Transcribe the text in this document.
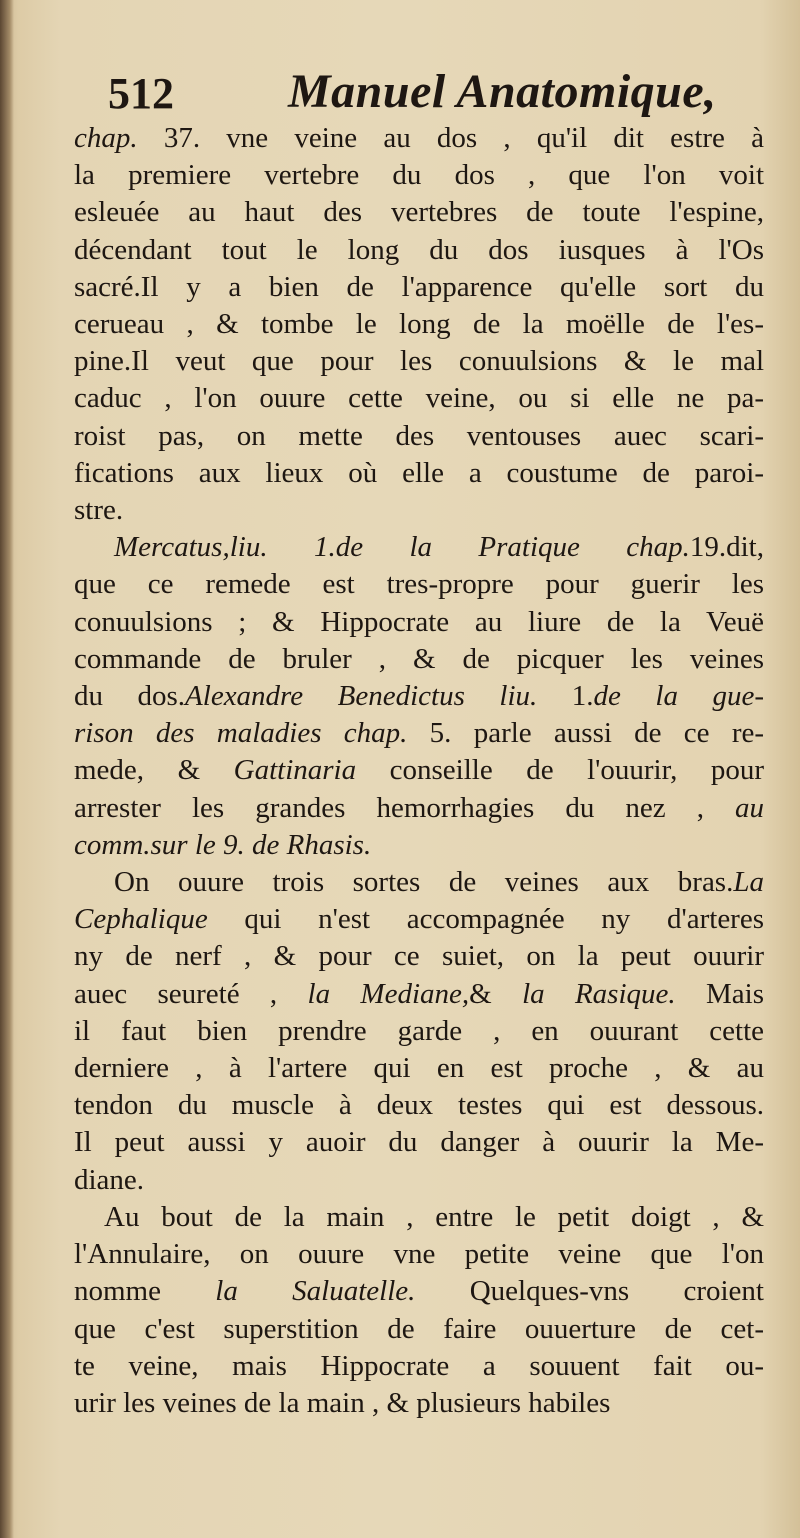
512 Manuel Anatomique,
chap. 37. vne veine au dos , qu'il dit estre à
la premiere vertebre du dos , que l'on voit
esleuée au haut des vertebres de toute l'espine,
décendant tout le long du dos iusques à l'Os
sacré.Il y a bien de l'apparence qu'elle sort du
cerueau , & tombe le long de la moëlle de l'es-
pine.Il veut que pour les conuulsions & le mal
caduc , l'on ouure cette veine, ou si elle ne pa-
roist pas, on mette des ventouses auec scari-
fications aux lieux où elle a coustume de paroi-
stre.
Mercatus,liu. 1.de la Pratique chap.19.dit,
que ce remede est tres-propre pour guerir les
conuulsions ; & Hippocrate au liure de la Veuë
commande de bruler , & de picquer les veines
du dos.Alexandre Benedictus liu. 1.de la gue-
rison des maladies chap. 5. parle aussi de ce re-
mede, & Gattinaria conseille de l'ouurir, pour
arrester les grandes hemorrhagies du nez , au
comm.sur le 9. de Rhasis.
On ouure trois sortes de veines aux bras.La
Cephalique qui n'est accompagnée ny d'arteres
ny de nerf , & pour ce suiet, on la peut ouurir
auec seureté , la Mediane,& la Rasique. Mais
il faut bien prendre garde , en ouurant cette
derniere , à l'artere qui en est proche , & au
tendon du muscle à deux testes qui est dessous.
Il peut aussi y auoir du danger à ouurir la Me-
diane.
Au bout de la main , entre le petit doigt , &
l'Annulaire, on ouure vne petite veine que l'on
nomme la Saluatelle. Quelques-vns croient
que c'est superstition de faire ouuerture de cet-
te veine, mais Hippocrate a souuent fait ou-
urir les veines de la main , & plusieurs habiles
